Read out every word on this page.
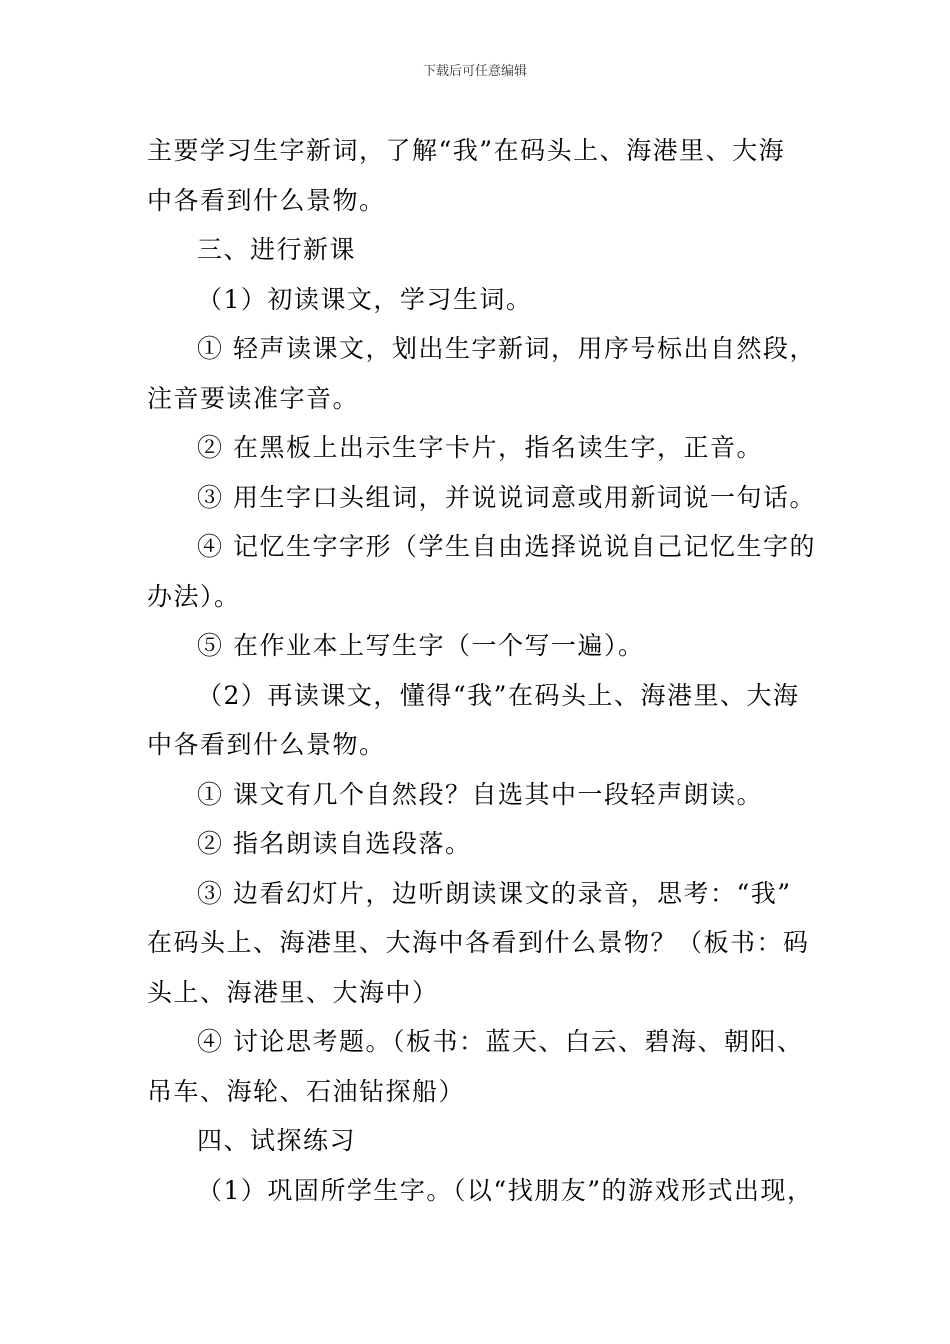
下载后可任意编辑

主要学习生字新词，了解“我”在码头上、海港里、大海
中各看到什么景物。

三、进行新课

（1）初读课文，学习生词。

① 轻声读课文，划出生字新词，用序号标出自然段，
注音要读准字音。

② 在黑板上出示生字卡片，指名读生字，正音。

③ 用生字口头组词，并说说词意或用新词说一句话。

④ 记忆生字字形（学生自由选择说说自己记忆生字的
办法）。

⑤ 在作业本上写生字（一个写一遍）。

（2）再读课文，懂得“我”在码头上、海港里、大海
中各看到什么景物。

① 课文有几个自然段？自选其中一段轻声朗读。

② 指名朗读自选段落。

③ 边看幻灯片，边听朗读课文的录音，思考：“我”
在码头上、海港里、大海中各看到什么景物？（板书：码
头上、海港里、大海中）

④ 讨论思考题。（板书：蓝天、白云、碧海、朝阳、
吊车、海轮、石油钻探船）

四、试探练习

（1）巩固所学生字。（以“找朋友”的游戏形式出现，
